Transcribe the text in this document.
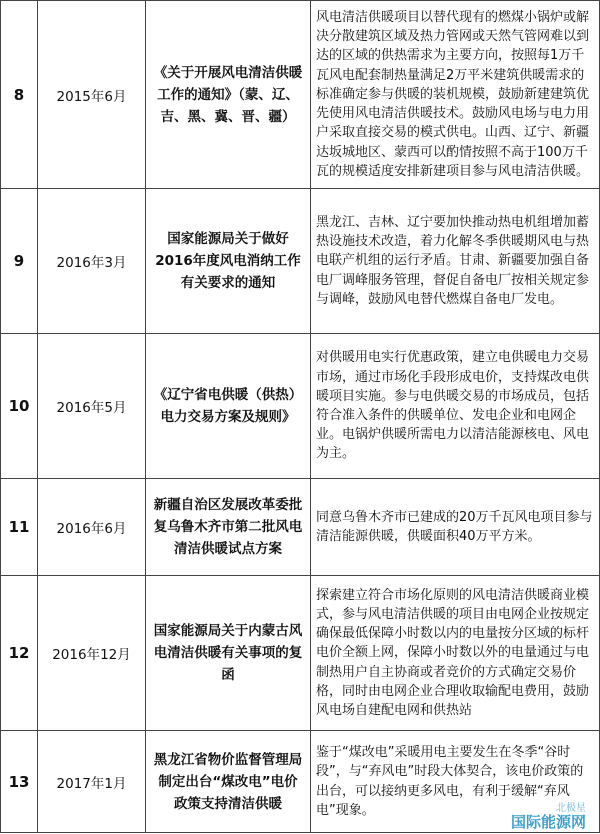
8	2015年6月	《关于开展风电清洁供暖工作的通知》（蒙、辽、吉、黑、冀、晋、疆）	风电清洁供暖项目以替代现有的燃煤小锅炉或解决分散建筑区域及热力管网或天然气管网难以到达的区域的供热需求为主要方向，按照每1万千瓦风电配套制热量满足2万平米建筑供暖需求的标准确定参与供暖的装机规模，鼓励新建建筑优先使用风电清洁供暖技术。鼓励风电场与电力用户采取直接交易的模式供电。山西、辽宁、新疆达坂城地区、蒙西可以酌情按照不高于100万千瓦的规模适度安排新建项目参与风电清洁供暖。
9	2016年3月	国家能源局关于做好2016年度风电消纳工作有关要求的通知	黑龙江、吉林、辽宁要加快推动热电机组增加蓄热设施技术改造，着力化解冬季供暖期风电与热电联产机组的运行矛盾。甘肃、新疆要加强自备电厂调峰服务管理，督促自备电厂按相关规定参与调峰，鼓励风电替代燃煤自备电厂发电。
10	2016年5月	《辽宁省电供暖（供热）电力交易方案及规则》	对供暖用电实行优惠政策，建立电供暖电力交易市场，通过市场化手段形成电价，支持煤改电供暖项目实施。参与电供暖交易的市场成员，包括符合准入条件的供暖单位、发电企业和电网企业。电锅炉供暖所需电力以清洁能源核电、风电为主。
11	2016年6月	新疆自治区发展改革委批复乌鲁木齐市第二批风电清洁供暖试点方案	同意乌鲁木齐市已建成的20万千瓦风电项目参与清洁能源供暖，供暖面积40万平方米。
12	2016年12月	国家能源局关于内蒙古风电清洁供暖有关事项的复函	探索建立符合市场化原则的风电清洁供暖商业模式，参与风电清洁供暖的项目由电网企业按规定确保最低保障小时数以内的电量按分区域的标杆电价全额上网，保障小时数以外的电量通过与电制热用户自主协商或者竞价的方式确定交易价格，同时由电网企业合理收取输配电费用，鼓励风电场自建配电网和供热站
13	2017年1月	黑龙江省物价监督管理局制定出台“煤改电”电价政策支持清洁供暖	鉴于“煤改电”采暖用电主要发生在冬季“谷时段”，与“弃风电”时段大体契合，该电价政策的出台，可以接纳更多风电，有利于缓解“弃风电”现象。	北极星
国际能源网
